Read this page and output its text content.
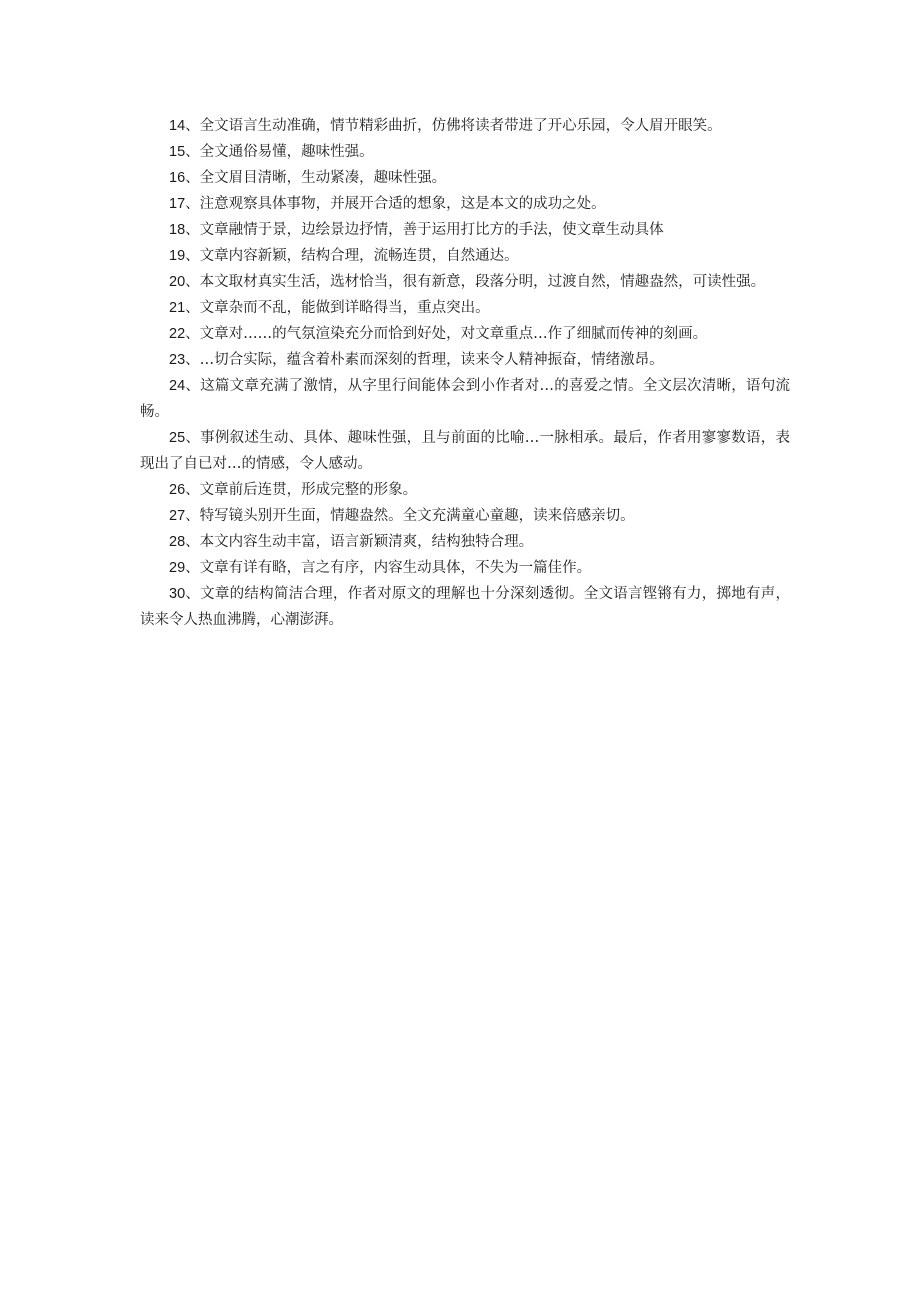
14、全文语言生动准确，情节精彩曲折，仿佛将读者带进了开心乐园，令人眉开眼笑。

15、全文通俗易懂，趣味性强。

16、全文眉目清晰，生动紧凑，趣味性强。

17、注意观察具体事物，并展开合适的想象，这是本文的成功之处。

18、文章融情于景，边绘景边抒情，善于运用打比方的手法，使文章生动具体

19、文章内容新颖，结构合理，流畅连贯，自然通达。

20、本文取材真实生活，选材恰当，很有新意，段落分明，过渡自然，情趣盎然，可读性强。

21、文章杂而不乱，能做到详略得当，重点突出。

22、文章对……的气氛渲染充分而恰到好处，对文章重点…作了细腻而传神的刻画。

23、…切合实际，蕴含着朴素而深刻的哲理，读来令人精神振奋，情绪激昂。

24、这篇文章充满了激情，从字里行间能体会到小作者对…的喜爱之情。全文层次清晰，语句流畅。

25、事例叙述生动、具体、趣味性强，且与前面的比喻…一脉相承。最后，作者用寥寥数语，表现出了自已对…的情感，令人感动。

26、文章前后连贯，形成完整的形象。

27、特写镜头别开生面，情趣盎然。全文充满童心童趣，读来倍感亲切。

28、本文内容生动丰富，语言新颖清爽，结构独特合理。

29、文章有详有略，言之有序，内容生动具体，不失为一篇佳作。

30、文章的结构简洁合理，作者对原文的理解也十分深刻透彻。全文语言铿锵有力，掷地有声，读来令人热血沸腾，心潮澎湃。
